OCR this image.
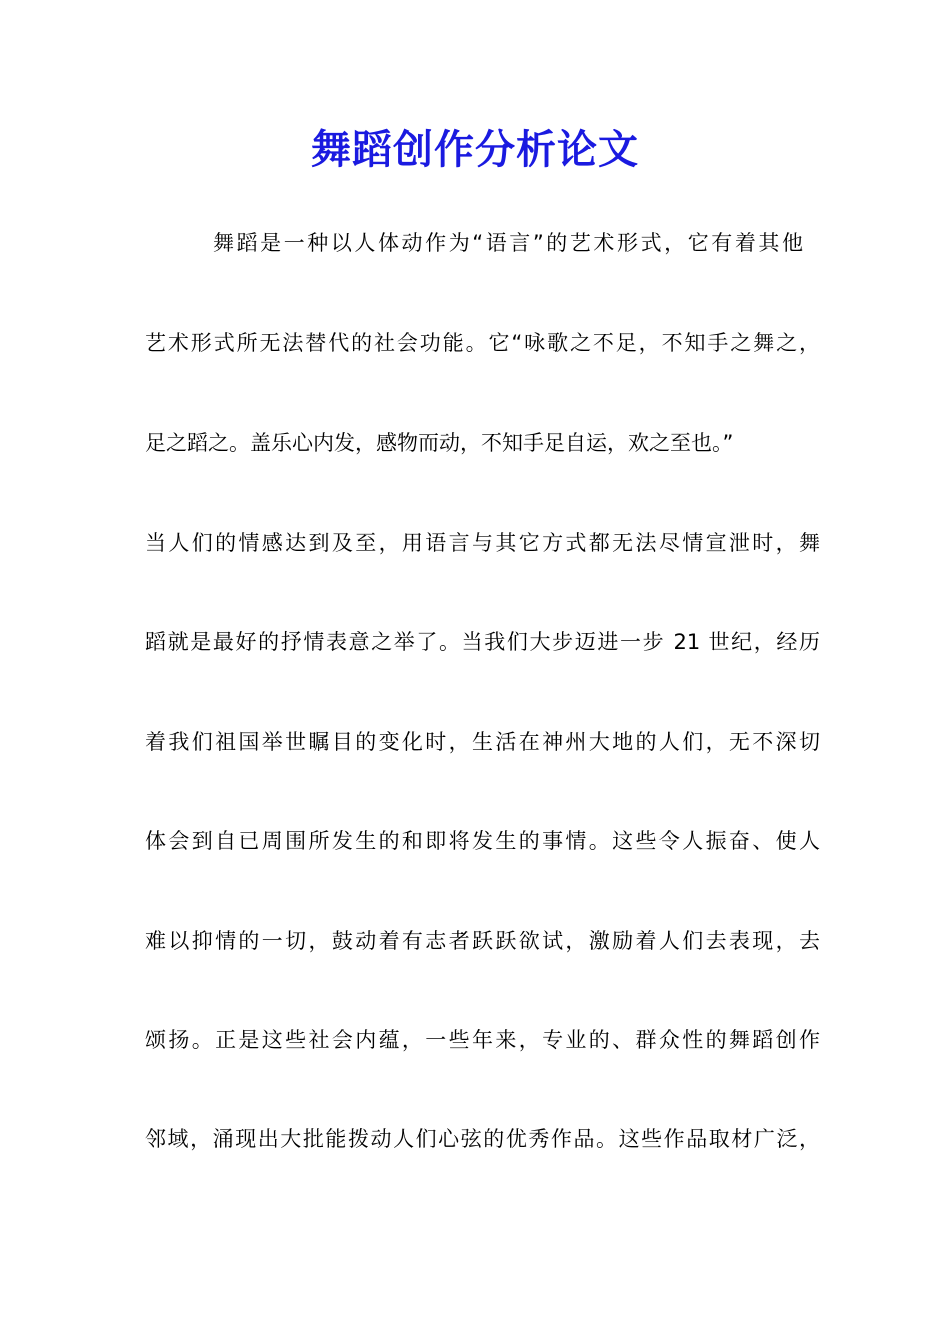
舞蹈创作分析论文

舞蹈是一种以人体动作为“语言”的艺术形式，它有着其他

艺术形式所无法替代的社会功能。它“咏歌之不足，不知手之舞之，

足之蹈之。盖乐心内发，感物而动，不知手足自运，欢之至也。”

当人们的情感达到及至，用语言与其它方式都无法尽情宣泄时，舞

蹈就是最好的抒情表意之举了。当我们大步迈进一步 21 世纪，经历

着我们祖国举世瞩目的变化时，生活在神州大地的人们，无不深切

体会到自已周围所发生的和即将发生的事情。这些令人振奋、使人

难以抑情的一切，鼓动着有志者跃跃欲试，激励着人们去表现，去

颂扬。正是这些社会内蕴，一些年来，专业的、群众性的舞蹈创作

邻域，涌现出大批能拨动人们心弦的优秀作品。这些作品取材广泛，
